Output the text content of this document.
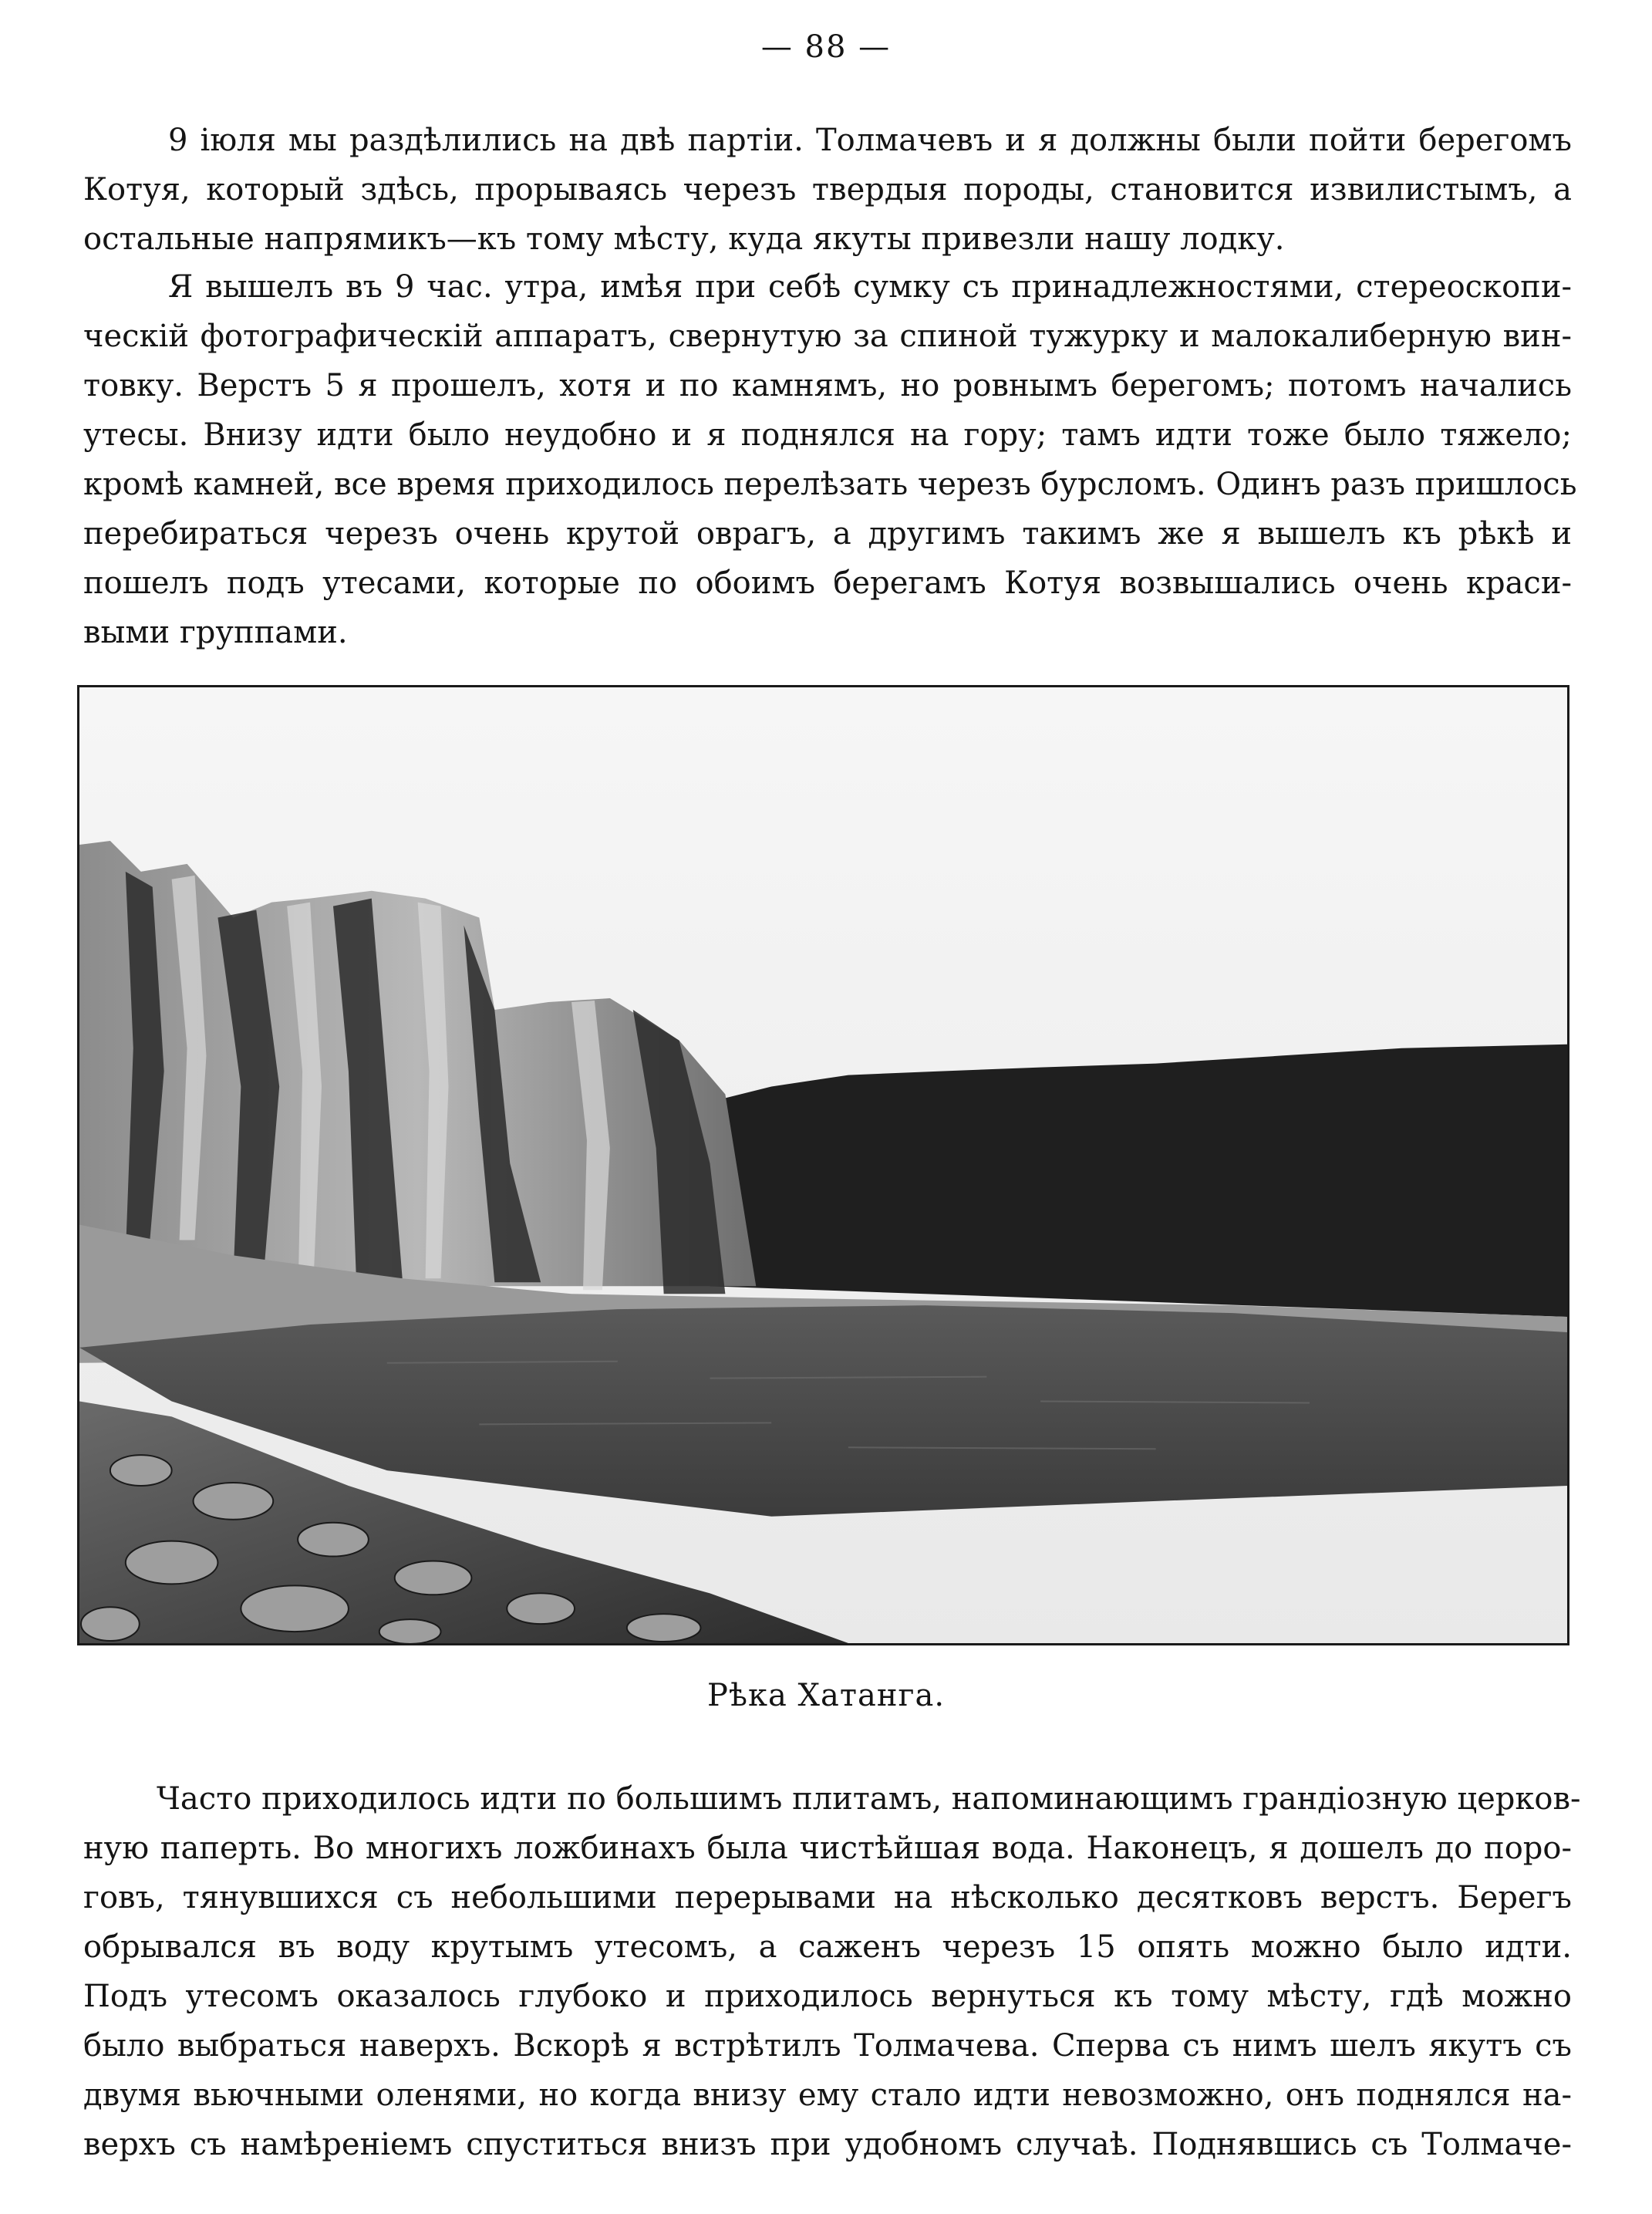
— 88 —
9 іюля мы раздѣлились на двѣ партіи. Толмачевъ и я должны были пойти берегомъ
Котуя, который здѣсь, прорываясь черезъ твердыя породы, становится извилистымъ, а
остальные напрямикъ—къ тому мѣсту, куда якуты привезли нашу лодку.
Я вышелъ въ 9 час. утра, имѣя при себѣ сумку съ принадлежностями, стереоскопи-
ческій фотографическій аппаратъ, свернутую за спиной тужурку и малокалиберную вин-
товку. Верстъ 5 я прошелъ, хотя и по камнямъ, но ровнымъ берегомъ; потомъ начались
утесы. Внизу идти было неудобно и я поднялся на гору; тамъ идти тоже было тяжело;
кромѣ камней, все время приходилось перелѣзать черезъ бурсломъ. Одинъ разъ пришлось
перебираться черезъ очень крутой оврагъ, а другимъ такимъ же я вышелъ къ рѣкѣ и
пошелъ подъ утесами, которые по обоимъ берегамъ Котуя возвышались очень краси-
выми группами.
Рѣка Хатанга.
Часто приходилось идти по большимъ плитамъ, напоминающимъ грандіозную церков-
ную паперть. Во многихъ ложбинахъ была чистѣйшая вода. Наконецъ, я дошелъ до поро-
говъ, тянувшихся съ небольшими перерывами на нѣсколько десятковъ верстъ. Берегъ
обрывался въ воду крутымъ утесомъ, а саженъ черезъ 15 опять можно было идти.
Подъ утесомъ оказалось глубоко и приходилось вернуться къ тому мѣсту, гдѣ можно
было выбраться наверхъ. Вскорѣ я встрѣтилъ Толмачева. Сперва съ нимъ шелъ якутъ съ
двумя вьючными оленями, но когда внизу ему стало идти невозможно, онъ поднялся на-
верхъ съ намѣреніемъ спуститься внизъ при удобномъ случаѣ. Поднявшись съ Толмаче-
